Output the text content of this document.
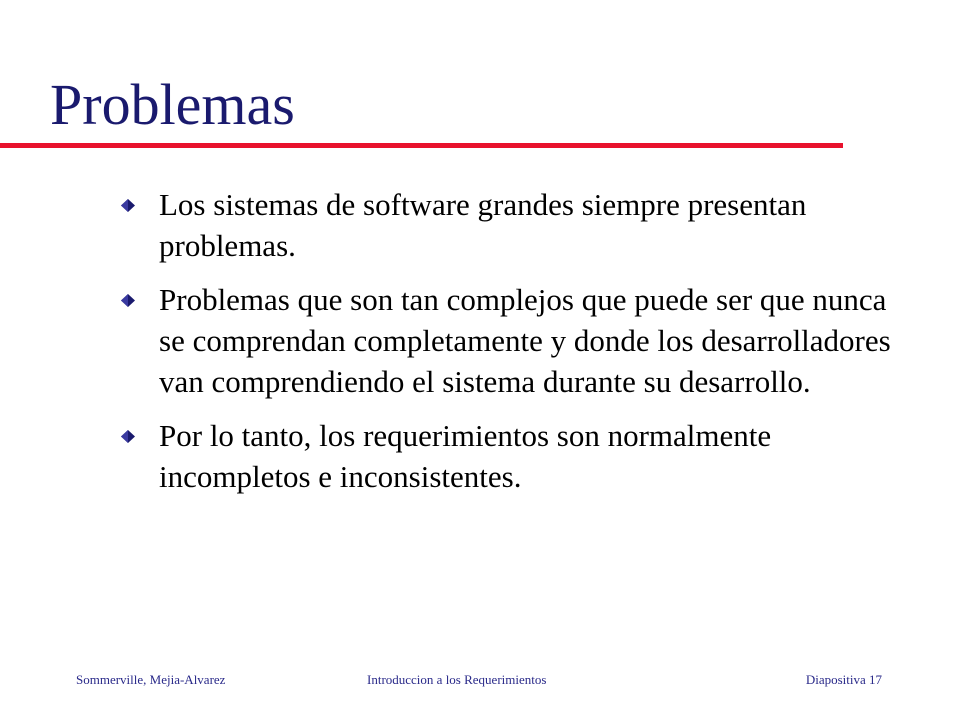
Problemas
Los sistemas de software grandes siempre presentan problemas.
Problemas que son tan complejos que puede ser que nunca se comprendan completamente y donde los desarrolladores van comprendiendo el sistema durante su desarrollo.
Por lo tanto, los requerimientos son normalmente incompletos e inconsistentes.
Sommerville, Mejia-Alvarez	Introduccion a los Requerimientos	Diapositiva 17
